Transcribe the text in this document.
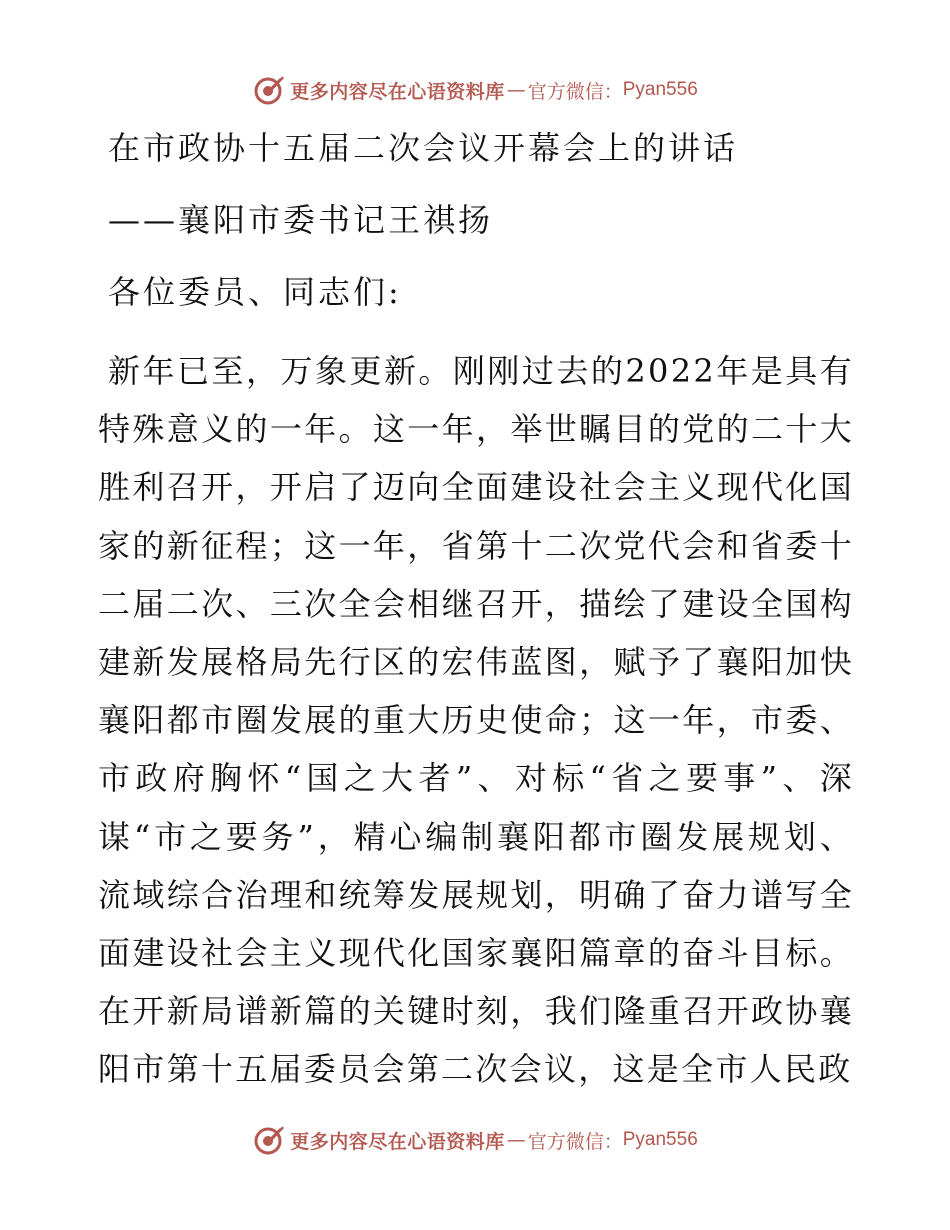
更多内容尽在心语资料库 — 官方微信： Pyan556
在市政协十五届二次会议开幕会上的讲话
——襄阳市委书记王祺扬
各位委员、同志们:

新年已至，万象更新。刚刚过去的2022年是具有特殊意义的一年。这一年，举世瞩目的党的二十大胜利召开，开启了迈向全面建设社会主义现代化国家的新征程；这一年，省第十二次党代会和省委十二届二次、三次全会相继召开，描绘了建设全国构建新发展格局先行区的宏伟蓝图，赋予了襄阳加快襄阳都市圈发展的重大历史使命；这一年，市委、市政府胸怀“国之大者”、对标“省之要事”、深谋“市之要务”，精心编制襄阳都市圈发展规划、流域综合治理和统筹发展规划，明确了奋力谱写全面建设社会主义现代化国家襄阳篇章的奋斗目标。在开新局谱新篇的关键时刻，我们隆重召开政协襄阳市第十五届委员会第二次会议，这是全市人民政

更多内容尽在心语资料库 — 官方微信： Pyan556
